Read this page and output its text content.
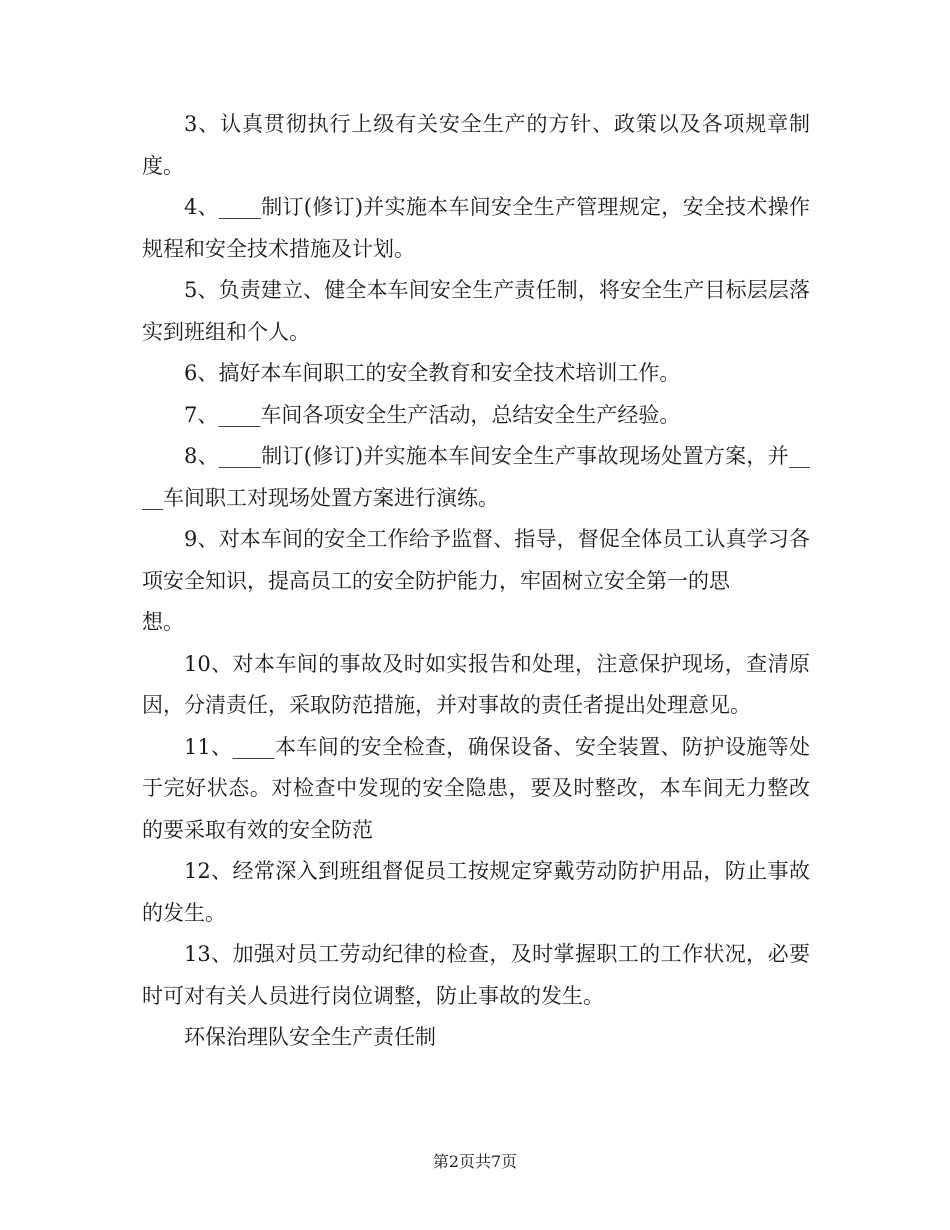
3、认真贯彻执行上级有关安全生产的方针、政策以及各项规章制度。

4、____制订(修订)并实施本车间安全生产管理规定，安全技术操作规程和安全技术措施及计划。

5、负责建立、健全本车间安全生产责任制，将安全生产目标层层落实到班组和个人。

6、搞好本车间职工的安全教育和安全技术培训工作。

7、____车间各项安全生产活动，总结安全生产经验。

8、____制订(修订)并实施本车间安全生产事故现场处置方案，并____车间职工对现场处置方案进行演练。

9、对本车间的安全工作给予监督、指导，督促全体员工认真学习各项安全知识，提高员工的安全防护能力，牢固树立安全第一的思
想。

10、对本车间的事故及时如实报告和处理，注意保护现场，查清原因，分清责任，采取防范措施，并对事故的责任者提出处理意见。

11、____本车间的安全检查，确保设备、安全装置、防护设施等处于完好状态。对检查中发现的安全隐患，要及时整改，本车间无力整改的要采取有效的安全防范

12、经常深入到班组督促员工按规定穿戴劳动防护用品，防止事故的发生。

13、加强对员工劳动纪律的检查，及时掌握职工的工作状况，必要时可对有关人员进行岗位调整，防止事故的发生。

环保治理队安全生产责任制

第2页共7页
